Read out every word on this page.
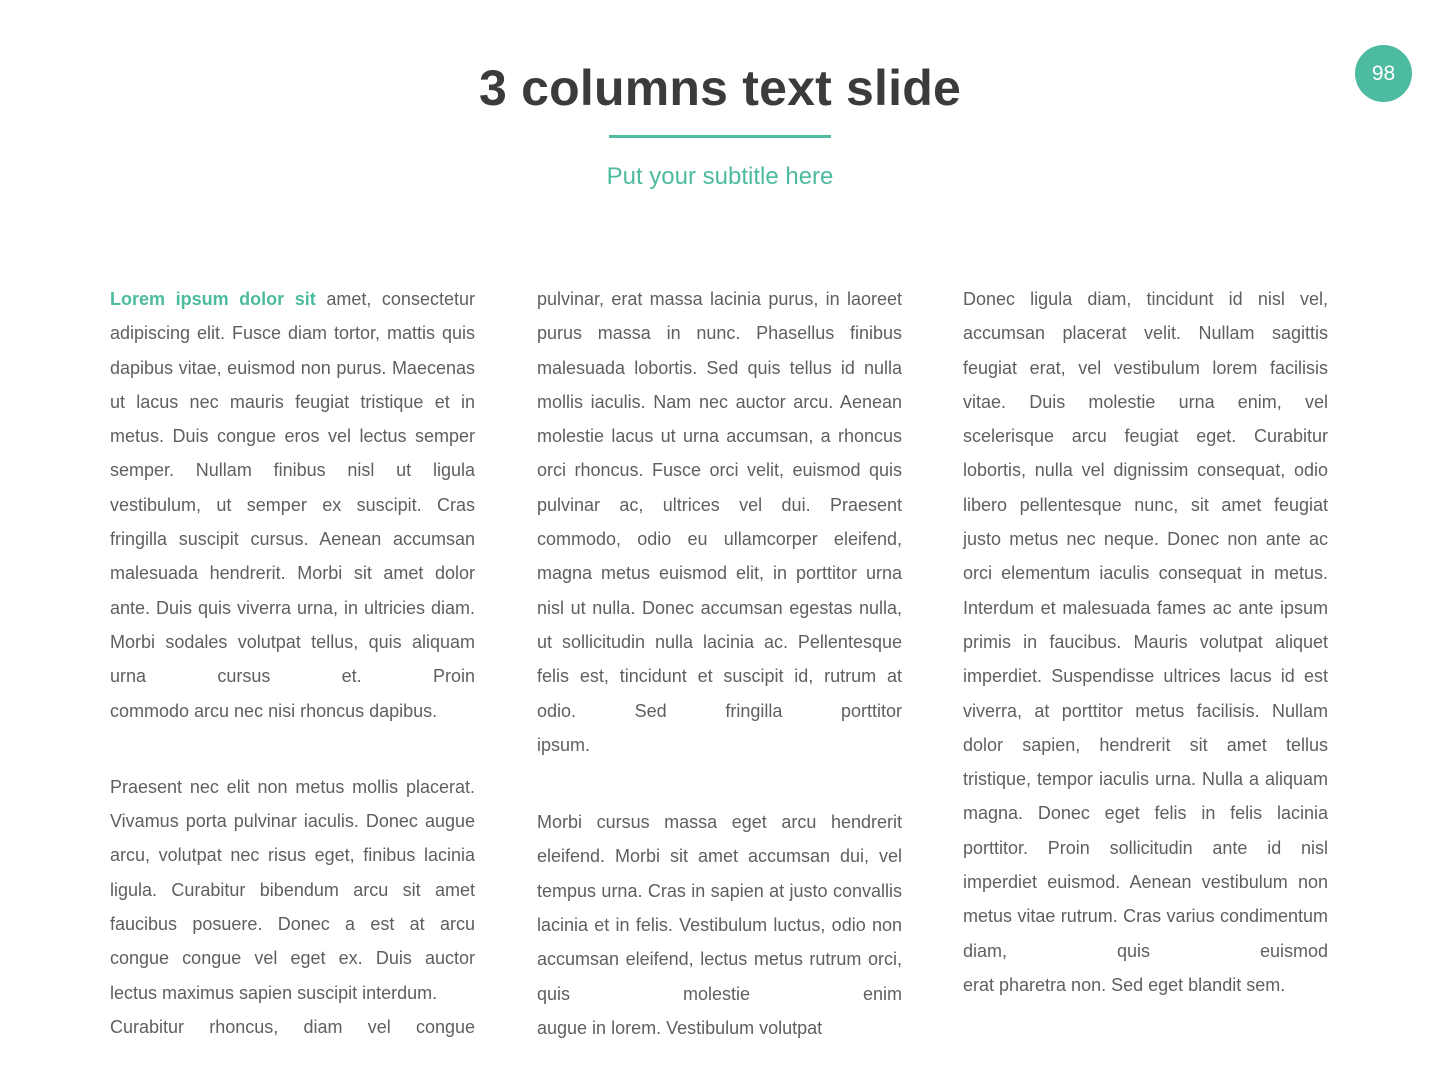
3 columns text slide
Put your subtitle here
98

Lorem ipsum dolor sit amet, consectetur adipiscing elit. Fusce diam tortor, mattis quis dapibus vitae, euismod non purus. Maecenas ut lacus nec mauris feugiat tristique et in metus. Duis congue eros vel lectus semper semper. Nullam finibus nisl ut ligula vestibulum, ut semper ex suscipit. Cras fringilla suscipit cursus. Aenean accumsan malesuada hendrerit. Morbi sit amet dolor ante. Duis quis viverra urna, in ultricies diam. Morbi sodales volutpat tellus, quis aliquam urna cursus et. Proin

commodo arcu nec nisi rhoncus dapibus.

Praesent nec elit non metus mollis placerat. Vivamus porta pulvinar iaculis. Donec augue arcu, volutpat nec risus eget, finibus lacinia ligula. Curabitur bibendum arcu sit amet faucibus posuere. Donec a est at arcu congue congue vel eget ex. Duis auctor

lectus maximus sapien suscipit interdum.

Curabitur rhoncus, diam vel congue

pulvinar, erat massa lacinia purus, in laoreet purus massa in nunc. Phasellus finibus malesuada lobortis. Sed quis tellus id nulla mollis iaculis. Nam nec auctor arcu. Aenean molestie lacus ut urna accumsan, a rhoncus orci rhoncus. Fusce orci velit, euismod quis pulvinar ac, ultrices vel dui. Praesent commodo, odio eu ullamcorper eleifend, magna metus euismod elit, in porttitor urna nisl ut nulla. Donec accumsan egestas nulla, ut sollicitudin nulla lacinia ac. Pellentesque felis est, tincidunt et suscipit id, rutrum at odio. Sed fringilla porttitor

ipsum.

Morbi cursus massa eget arcu hendrerit eleifend. Morbi sit amet accumsan dui, vel tempus urna. Cras in sapien at justo convallis lacinia et in felis. Vestibulum luctus, odio non accumsan eleifend, lectus metus rutrum orci, quis molestie enim

augue in lorem. Vestibulum volutpat

Donec ligula diam, tincidunt id nisl vel, accumsan placerat velit. Nullam sagittis feugiat erat, vel vestibulum lorem facilisis vitae. Duis molestie urna enim, vel scelerisque arcu feugiat eget. Curabitur lobortis, nulla vel dignissim consequat, odio libero pellentesque nunc, sit amet feugiat justo metus nec neque. Donec non ante ac orci elementum iaculis consequat in metus. Interdum et malesuada fames ac ante ipsum primis in faucibus. Mauris volutpat aliquet imperdiet. Suspendisse ultrices lacus id est viverra, at porttitor metus facilisis. Nullam dolor sapien, hendrerit sit amet tellus tristique, tempor iaculis urna. Nulla a aliquam magna. Donec eget felis in felis lacinia porttitor. Proin sollicitudin ante id nisl imperdiet euismod. Aenean vestibulum non metus vitae rutrum. Cras varius condimentum diam, quis euismod

erat pharetra non. Sed eget blandit sem.
